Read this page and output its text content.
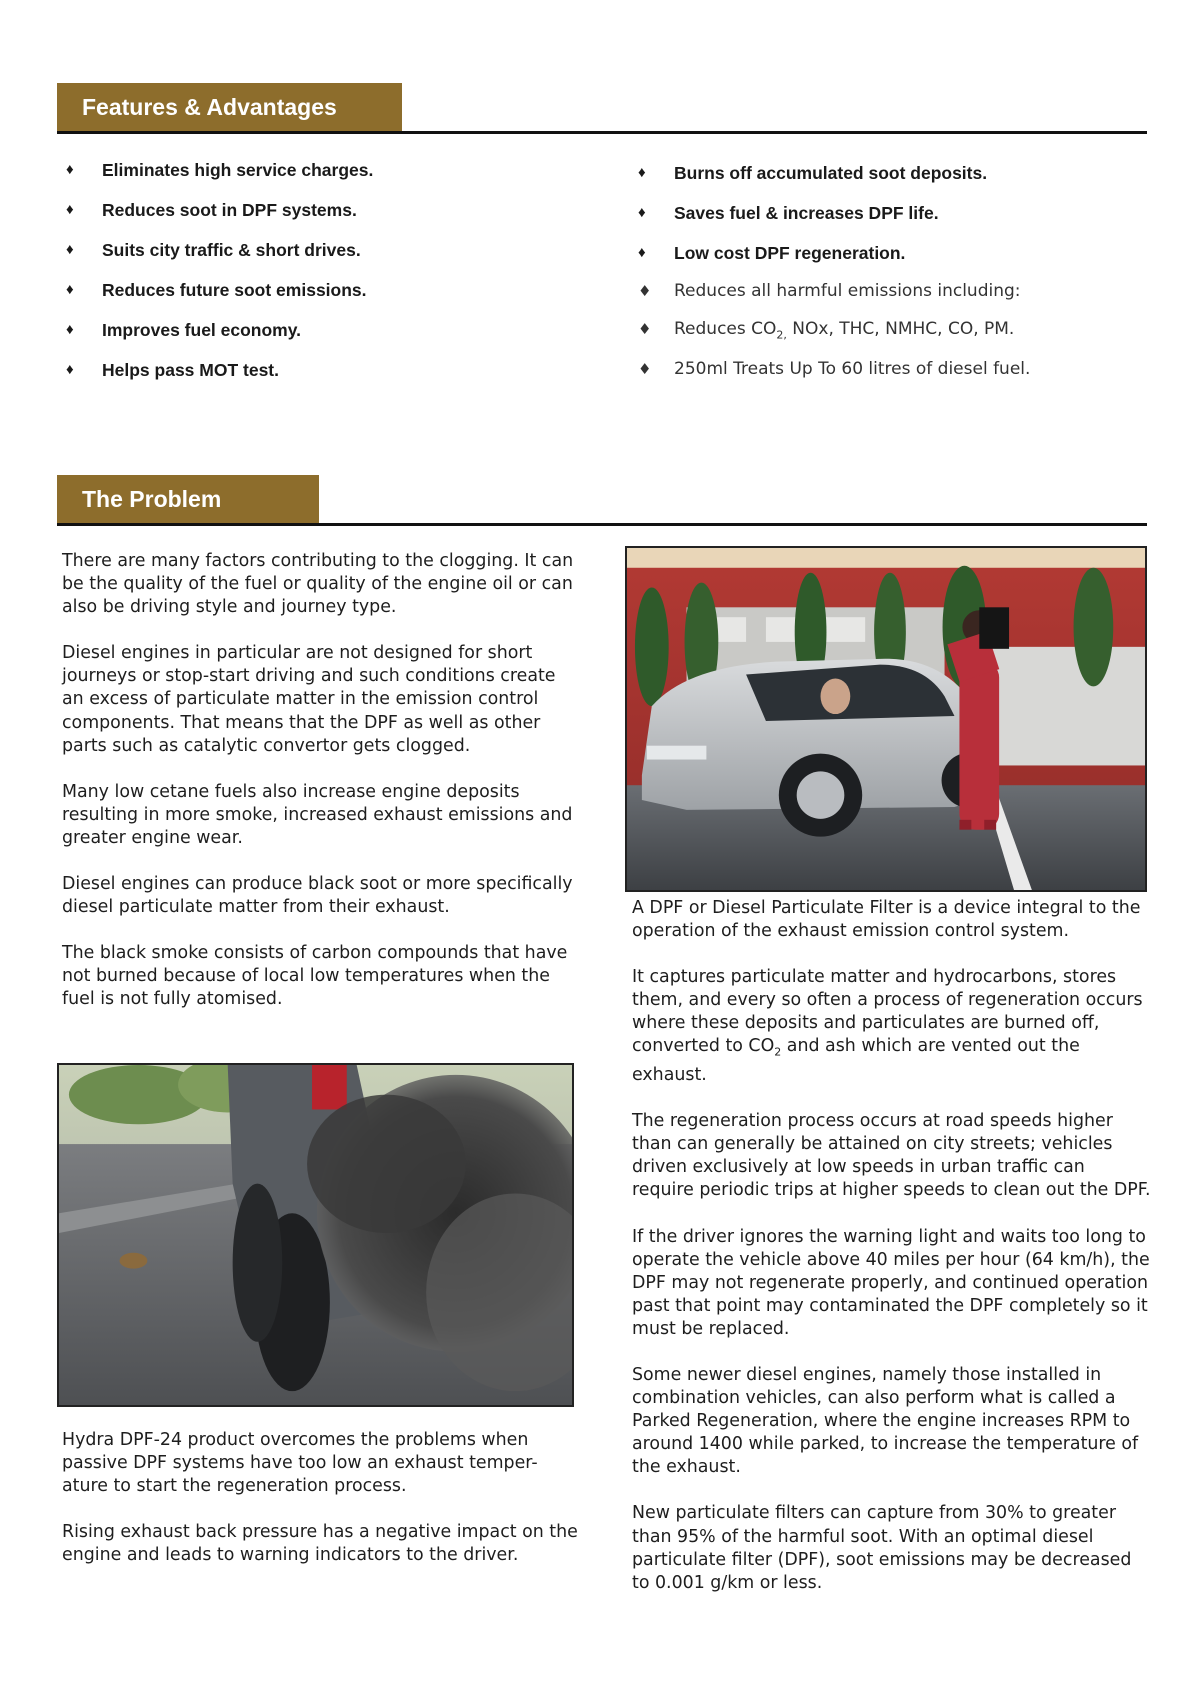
Features & Advantages
♦ Eliminates high service charges.
♦ Reduces soot in DPF systems.
♦ Suits city traffic & short drives.
♦ Reduces future soot emissions.
♦ Improves fuel economy.
♦ Helps pass MOT test.
♦ Burns off accumulated soot deposits.
♦ Saves fuel & increases DPF life.
♦ Low cost DPF regeneration.
♦ Reduces all harmful emissions including:
♦ Reduces $CO_{2,}$ NOx, THC, NMHC, CO, PM.
♦ 250ml Treats Up To 60 litres of diesel fuel.
The Problem

There are many factors contributing to the clogging. It can be the quality of the fuel or quality of the engine oil or can also be driving style and journey type.

Diesel engines in particular are not designed for short journeys or stop-start driving and such conditions create an excess of particulate matter in the emission control components. That means that the DPF as well as other parts such as catalytic convertor gets clogged.

Many low cetane fuels also increase engine deposits resulting in more smoke, increased exhaust emissions and greater engine wear.

Diesel engines can produce black soot or more specifically diesel particulate matter from their exhaust.

The black smoke consists of carbon compounds that have not burned because of local low temperatures when the fuel is not fully atomised.

A DPF or Diesel Particulate Filter is a device integral to the operation of the exhaust emission control system.

It captures particulate matter and hydrocarbons, stores them, and every so often a process of regeneration occurs where these deposits and particulates are burned off, converted to $CO_2$ and ash which are vented out the exhaust.

The regeneration process occurs at road speeds higher than can generally be attained on city streets; vehicles driven exclusively at low speeds in urban traffic can require periodic trips at higher speeds to clean out the DPF.

If the driver ignores the warning light and waits too long to operate the vehicle above 40 miles per hour (64 km/h), the DPF may not regenerate properly, and continued operation past that point may contaminated the DPF completely so it must be replaced.

Some newer diesel engines, namely those installed in combination vehicles, can also perform what is called a Parked Regeneration, where the engine increases RPM to around 1400 while parked, to increase the temperature of the exhaust.

New particulate filters can capture from 30% to greater than 95% of the harmful soot. With an optimal diesel particulate filter (DPF), soot emissions may be decreased to 0.001 g/km or less.

Hydra DPF-24 product overcomes the problems when passive DPF systems have too low an exhaust temper-ature to start the regeneration process.

Rising exhaust back pressure has a negative impact on the engine and leads to warning indicators to the driver.
